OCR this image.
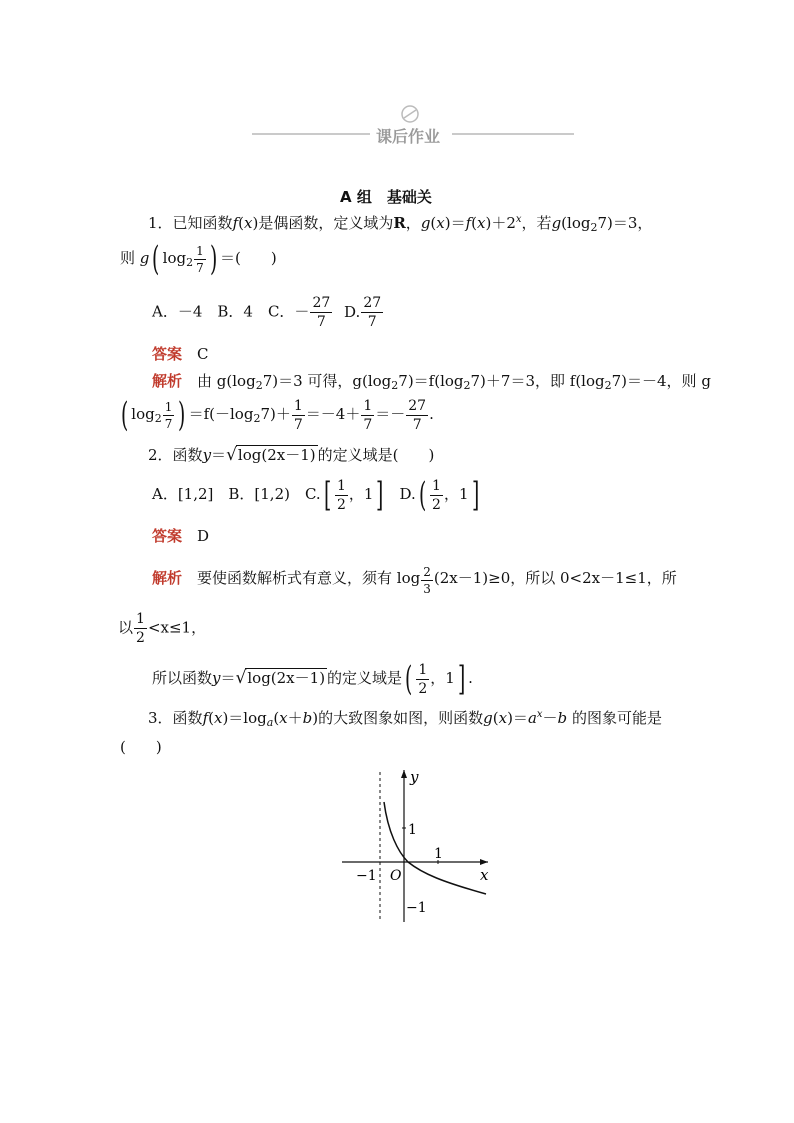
课后作业
A 组　基础关
1．已知函数f(x)是偶函数，定义域为R，$g(x)=f(x)+2^x$，若$g(\log_27)=3$，
则 g( $\log_2 \frac{1}{7}$ ) ＝(　　)
A．－4　B．4　C．－ $\frac{27}{7} D$. $\frac{27}{7}$
答案　 C
解析　 由 $g(\log_27)=3$ 可得，$g(\log_27)=f(\log_27)+7=3$，即 $f(\log_27)=-4$，则 g
( $\log_2 \frac{1}{7}$ ) $=f(-\log_27)+ \frac{1}{7} =-4+ \frac{1}{7} =- \frac{27}{7}$ .
2．函数y＝√log(2x－1) 的定义域是(　　)
A．[1,2]　B．[1,2)　$C.[ \frac{1}{2}$ ，1] $D.( \frac{1}{2}$ ，1]
答案　 D
解析　 要使函数解析式有意义，须有 $\log \frac{2}{3} (2x-1)\ge 0$，所以 0<2x－1≤1，所
以 $\frac{1}{2} <x\le 1$，
所以函数y＝√log(2x－1) 的定义域是( $\frac{1}{2}$ ，1] .
3．函数$f(x)=\log_a(x+b)$的大致图象如图，则函数$g(x)=a^x-b$ 的图象可能是
(　　)
y
x
O
1
−1
1
−1
